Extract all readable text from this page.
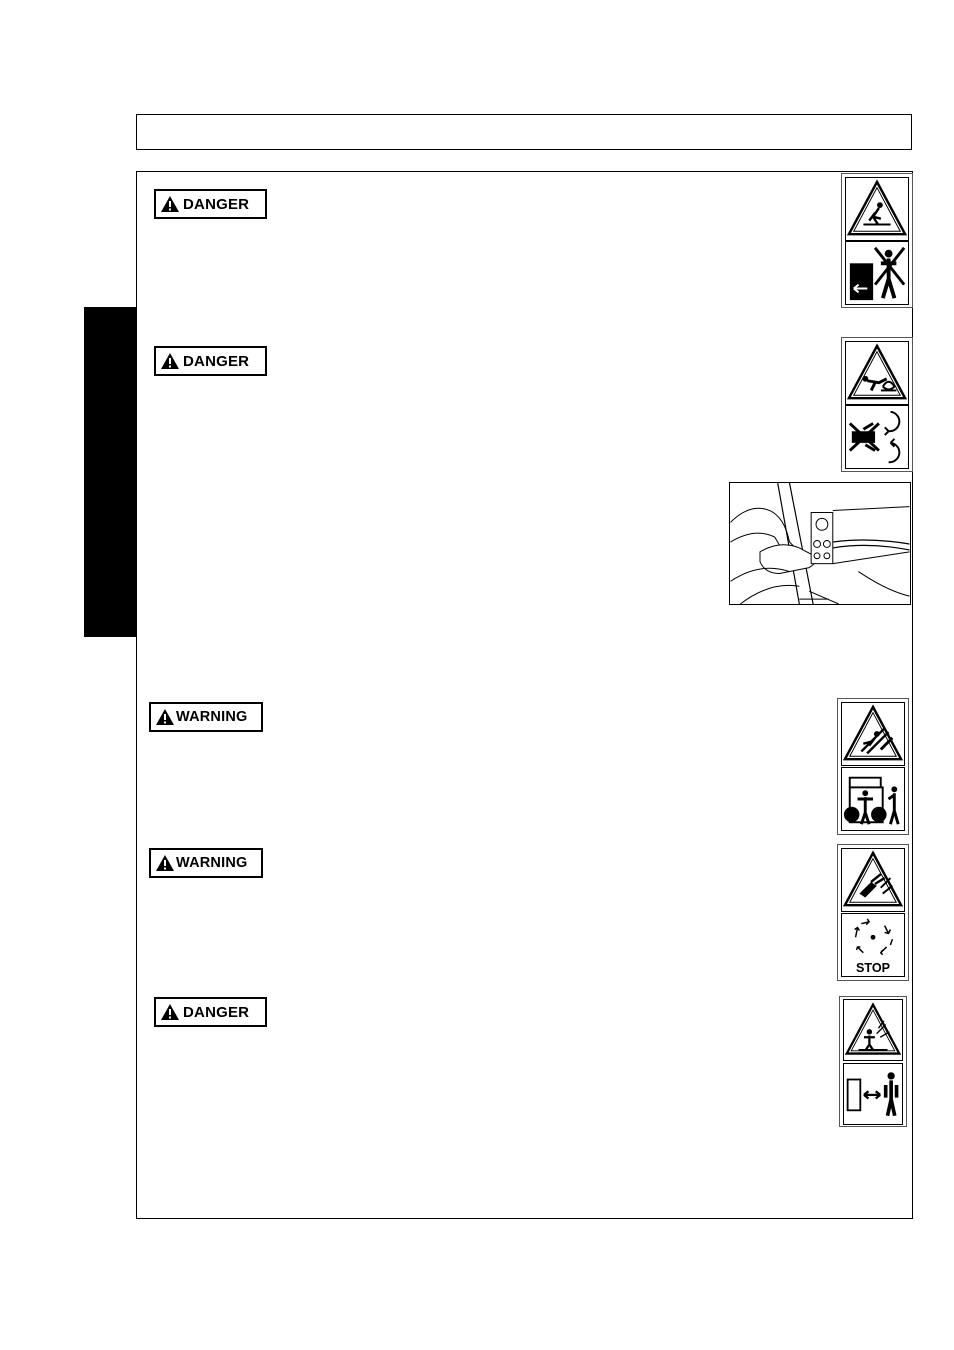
DANGER
DANGER
WARNING
WARNING
DANGER
...
...
...
STOP	...
